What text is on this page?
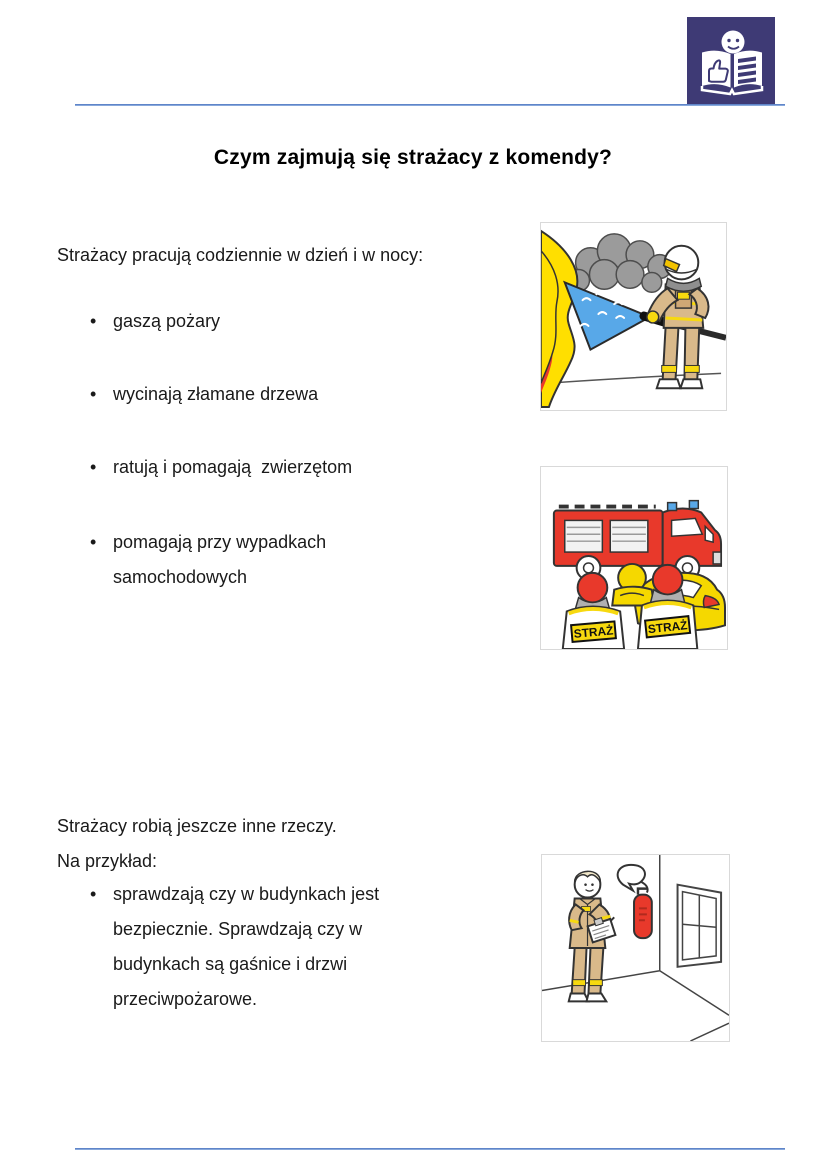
Czym zajmują się strażacy z komendy?

Strażacy pracują codziennie w dzień i w nocy:

• gaszą pożary
• wycinają złamane drzewa
• ratują i pomagają  zwierzętom
• pomagają przy wypadkach samochodowych

Strażacy robią jeszcze inne rzeczy.

Na przykład:

• sprawdzają czy w budynkach jest bezpiecznie. Sprawdzają czy w budynkach są gaśnice i drzwi przeciwpożarowe.
STRAŻ	STRAŻ
